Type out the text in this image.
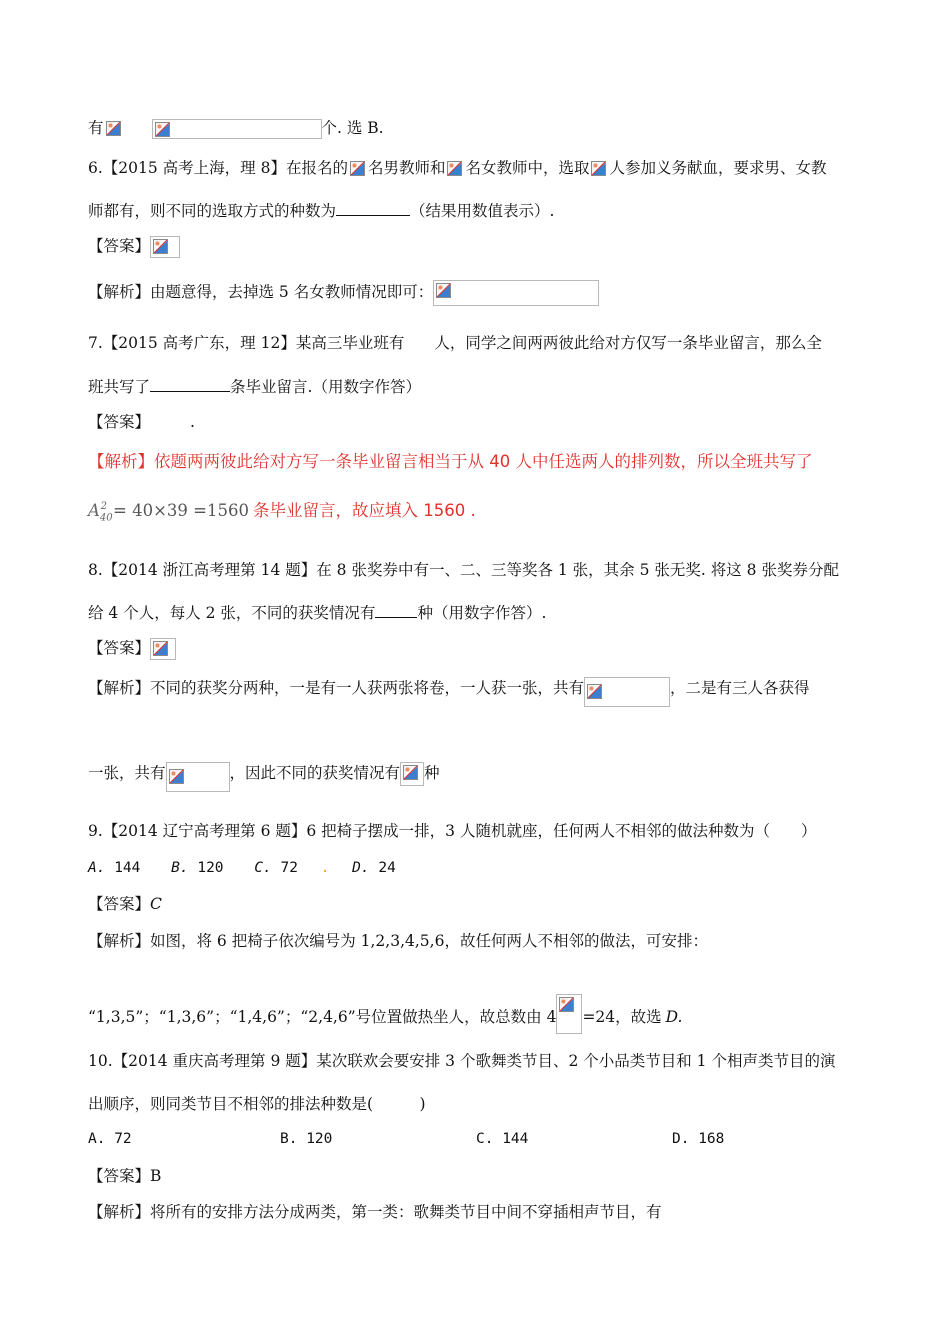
有	个. 选 B.
6.【2015 高考上海，理 8】在报名的 名男教师和 名女教师中，选取 人参加义务献血，要求男、女教
师都有，则不同的选取方式的种数为	（结果用数值表示）.
【答案】
【解析】由题意得，去掉选 5 名女教师情况即可：
7.【2015 高考广东，理 12】某高三毕业班有 人，同学之间两两彼此给对方仅写一条毕业留言，那么全
班共写了	条毕业留言.（用数字作答）
【答案】	.
【解析】依题两两彼此给对方写一条毕业留言相当于从 40 人中任选两人的排列数，所以全班共写了
$A_{40}^2 = 40\times 39 =1560$ 条毕业留言，故应填入 1560 .
8.【2014 浙江高考理第 14 题】在 8 张奖券中有一、二、三等奖各 1 张，其余 5 张无奖. 将这 8 张奖券分配
给 4 个人，每人 2 张，不同的获奖情况有	种（用数字作答）.
【答案】
【解析】不同的获奖分两种，一是有一人获两张将卷，一人获一张，共有	，二是有三人各获得
一张，共有	，因此不同的获奖情况有 种
9.【2014 辽宁高考理第 6 题】6 把椅子摆成一排，3 人随机就座，任何两人不相邻的做法种数为（　　）
A. 144 B. 120 C. 72 . D. 24
【答案】C
【解析】如图，将 6 把椅子依次编号为 1,2,3,4,5,6，故任何两人不相邻的做法，可安排：
“1,3,5”；“1,3,6”；“1,4,6”；“2,4,6”号位置做热坐人，故总数由 4 =24，故选 D.
10.【2014 重庆高考理第 9 题】某次联欢会要安排 3 个歌舞类节目、2 个小品类节目和 1 个相声类节目的演
出顺序，则同类节目不相邻的排法种数是(　　　)
A. 72	B. 120	C. 144	D. 168
【答案】B
【解析】将所有的安排方法分成两类，第一类：歌舞类节目中间不穿插相声节目，有
